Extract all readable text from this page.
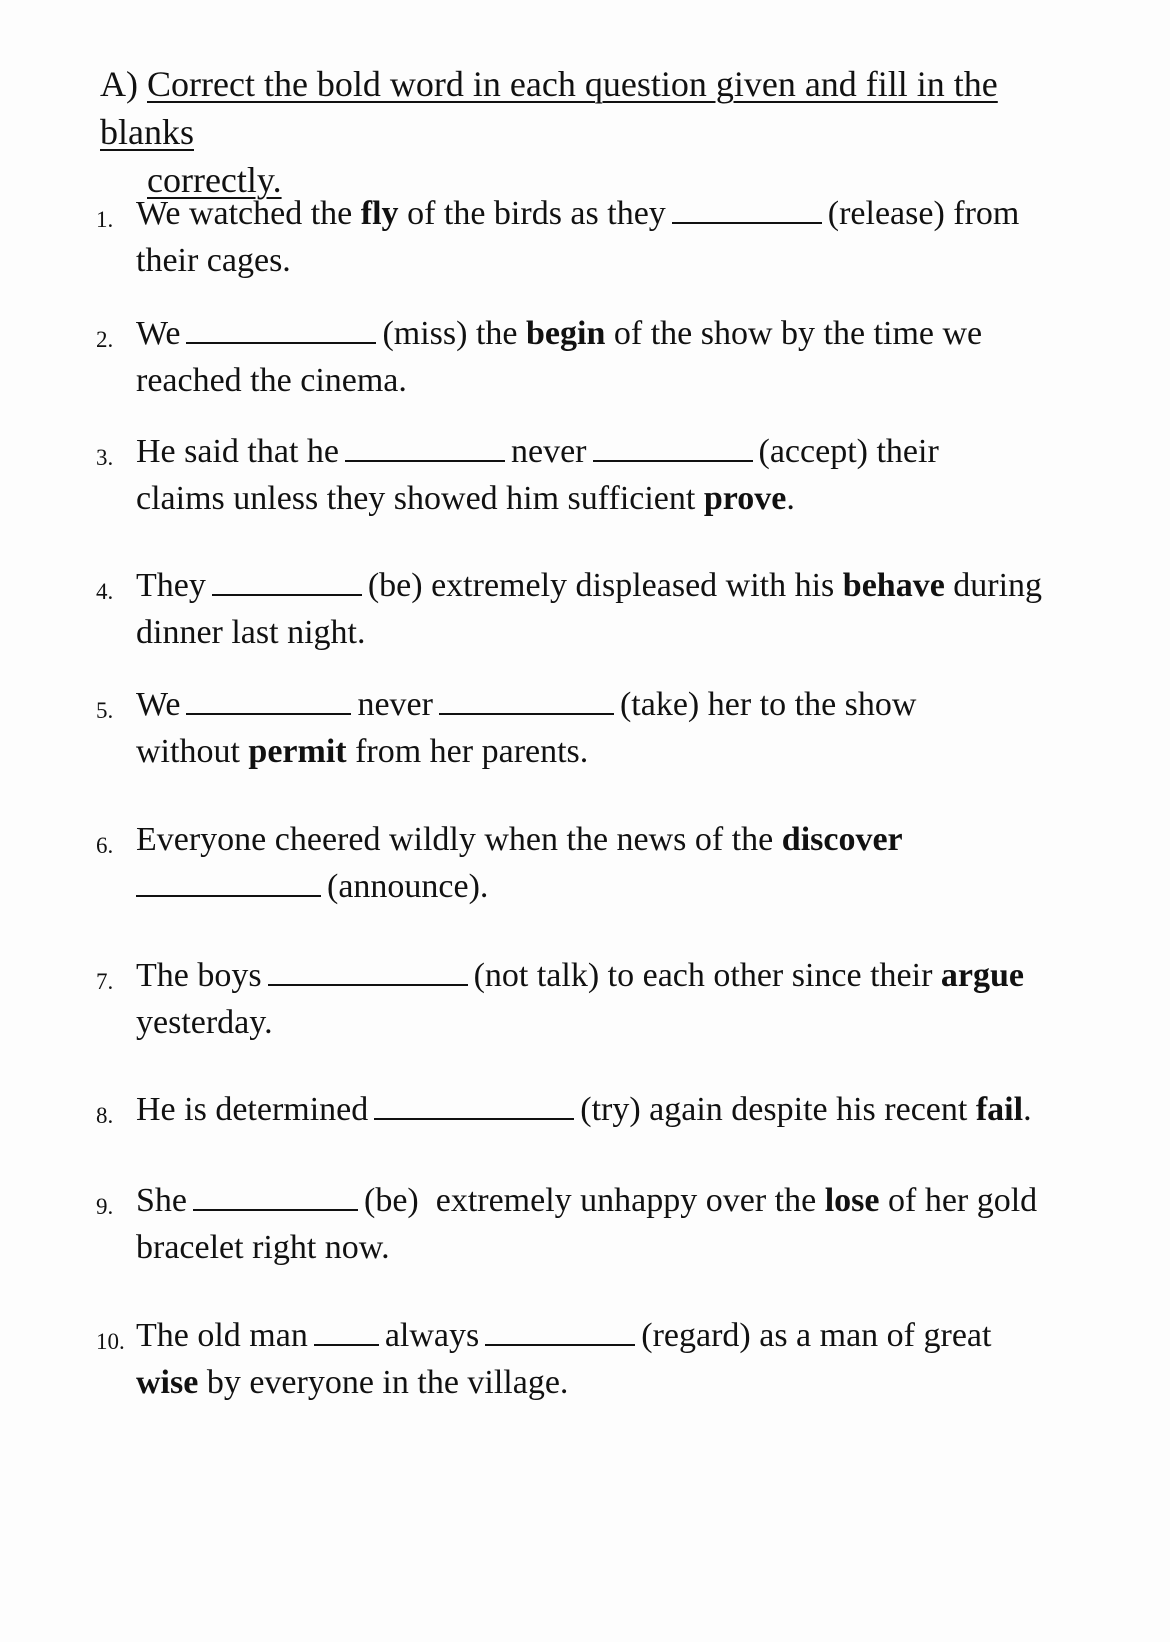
A) Correct the bold word in each question given and fill in the blanks
correctly.
1. We watched the fly of the birds as they	(release) from
their cages.
2. We	(miss) the begin of the show by the time we
reached the cinema.
3. He said that he	never	(accept) their
claims unless they showed him sufficient prove.
4. They	(be) extremely displeased with his behave during
dinner last night.
5. We	never	(take) her to the show
without permit from her parents.
6. Everyone cheered wildly when the news of the discover
(announce).
7. The boys	(not talk) to each other since their argue
yesterday.
8. He is determined	(try) again despite his recent fail.
9. She	(be)  extremely unhappy over the lose of her gold
bracelet right now.
10. The old man always	(regard) as a man of great
wise by everyone in the village.
